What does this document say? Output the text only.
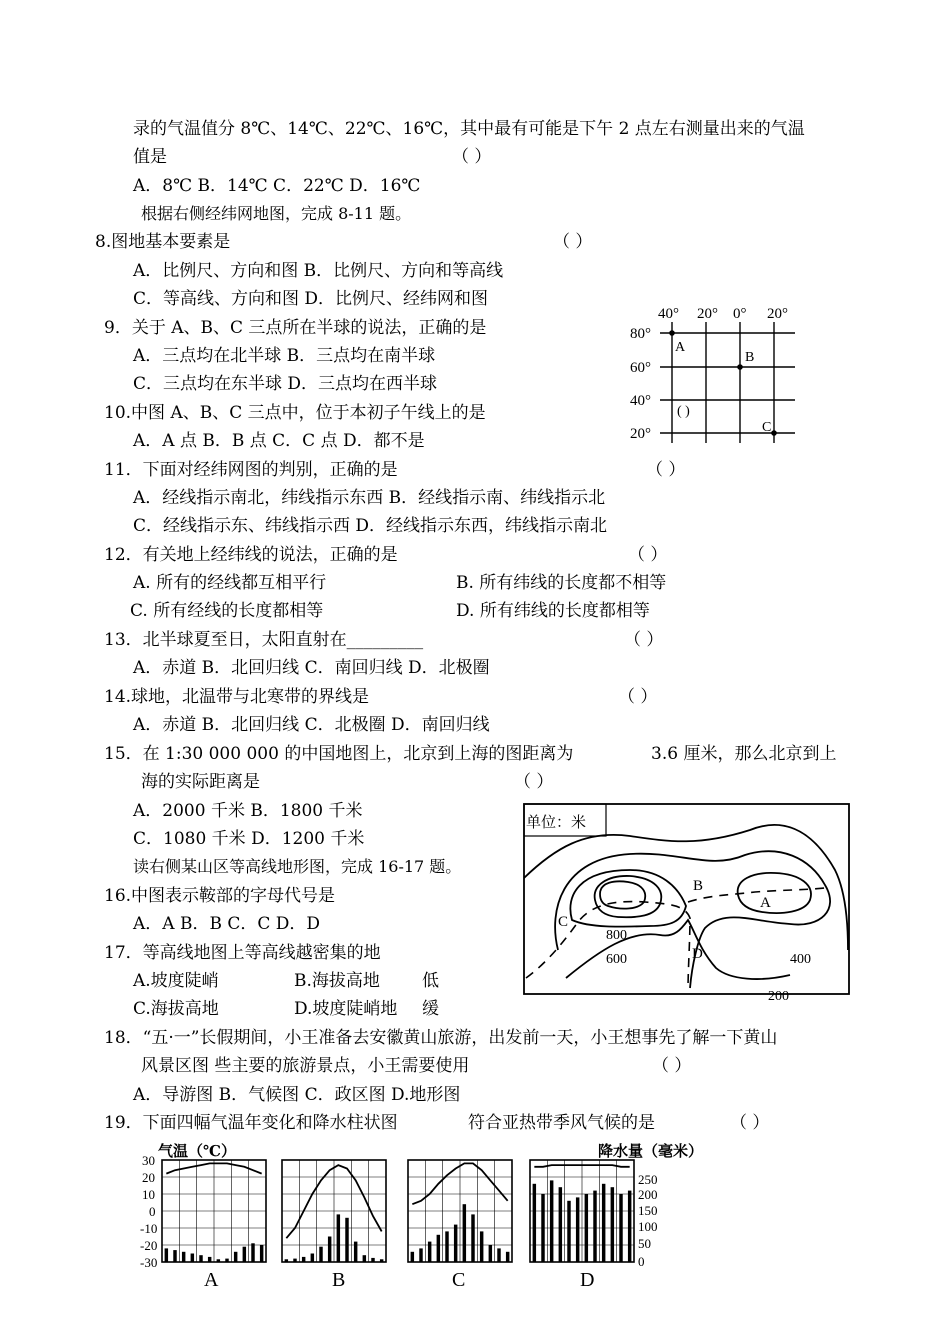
录的气温值分 8℃、14℃、22℃、16℃，其中最有可能是下午 2 点左右测量出来的气温
值是	（ ）
A．8℃ B．14℃ C．22℃ D．16℃
根据右侧经纬网地图，完成 8-11 题。
8.图地基本要素是	（ ）
A．比例尺、方向和图 B．比例尺、方向和等高线
C．等高线、方向和图 D．比例尺、经纬网和图
9．关于 A、B、C 三点所在半球的说法，正确的是
A．三点均在北半球 B．三点均在南半球
C．三点均在东半球 D．三点均在西半球
10.中图 A、B、C 三点中，位于本初子午线上的是
A．A 点 B．B 点 C．C 点 D．都不是
11．下面对经纬网图的判别，正确的是	（ ）
A．经线指示南北，纬线指示东西 B．经线指示南、纬线指示北
C．经线指示东、纬线指示西 D．经线指示东西，纬线指示南北
12．有关地上经纬线的说法，正确的是	（ ）
A. 所有的经线都互相平行	B. 所有纬线的长度都不相等
C. 所有经线的长度都相等	D. 所有纬线的长度都相等
13．北半球夏至日，太阳直射在_________	（ ）
A．赤道 B．北回归线 C．南回归线 D．北极圈
14.球地，北温带与北寒带的界线是	（ ）
A．赤道 B．北回归线 C．北极圈 D．南回归线
15．在 1:30 000 000 的中国地图上，北京到上海的图距离为	3.6 厘米，那么北京到上
海的实际距离是	（ ）
A．2000 千米 B．1800 千米
C．1080 千米 D．1200 千米
读右侧某山区等高线地形图，完成 16-17 题。
16.中图表示鞍部的字母代号是
A．A B．B C．C D．D
17．等高线地图上等高线越密集的地
A.坡度陡峭	B.海拔高地 低
C.海拔高地	D.坡度陡峭地 缓
18．“五·一”长假期间，小王准备去安徽黄山旅游，出发前一天，小王想事先了解一下黄山
风景区图 些主要的旅游景点，小王需要使用	（ ）
A．导游图 B．气候图 C．政区图 D.地形图
19．下面四幅气温年变化和降水柱状图	符合亚热带季风气候的是	（ ）
40° 20° 0° 20°
80°
60°
40°
20°
A
B
C
( )
单位：米
B
A
C
800
D
600	400
200
气温（℃）	降水量（毫米）
30
20
10
0
-10
-20
-30
250
200
150
100
50
0
A	B	C	D
